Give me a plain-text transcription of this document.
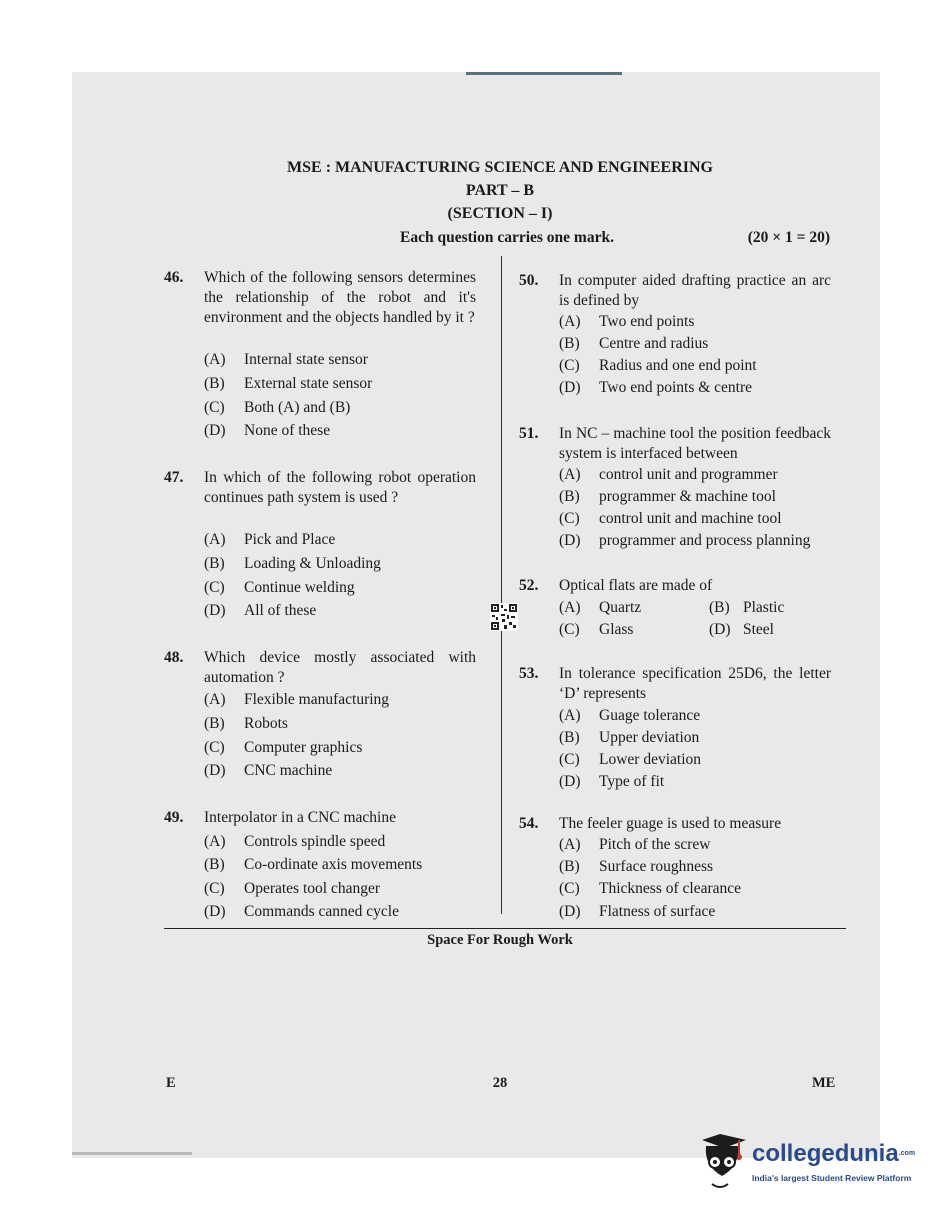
MSE : MANUFACTURING SCIENCE AND ENGINEERING
PART – B
(SECTION – I)
Each question carries one mark.	(20 × 1 = 20)
46. Which of the following sensors determines the relationship of the robot and it's environment and the objects handled by it ?
(A) Internal state sensor
(B) External state sensor
(C) Both (A) and (B)
(D) None of these
47. In which of the following robot operation continues path system is used ?
(A) Pick and Place
(B) Loading & Unloading
(C) Continue welding
(D) All of these
48. Which device mostly associated with automation ?
(A) Flexible manufacturing
(B) Robots
(C) Computer graphics
(D) CNC machine
49. Interpolator in a CNC machine
(A) Controls spindle speed
(B) Co-ordinate axis movements
(C) Operates tool changer
(D) Commands canned cycle
50. In computer aided drafting practice an arc is defined by
(A) Two end points
(B) Centre and radius
(C) Radius and one end point
(D) Two end points & centre
51. In NC – machine tool the position feedback system is interfaced between
(A) control unit and programmer
(B) programmer & machine tool
(C) control unit and machine tool
(D) programmer and process planning
52. Optical flats are made of
(A) Quartz	(B) Plastic
(C) Glass	(D) Steel
53. In tolerance specification 25D6, the letter ‘D’ represents
(A) Guage tolerance
(B) Upper deviation
(C) Lower deviation
(D) Type of fit
54. The feeler guage is used to measure
(A) Pitch of the screw
(B) Surface roughness
(C) Thickness of clearance
(D) Flatness of surface
Space For Rough Work
E	28	ME
collegedunia$^{.com}$
India's largest Student Review Platform
